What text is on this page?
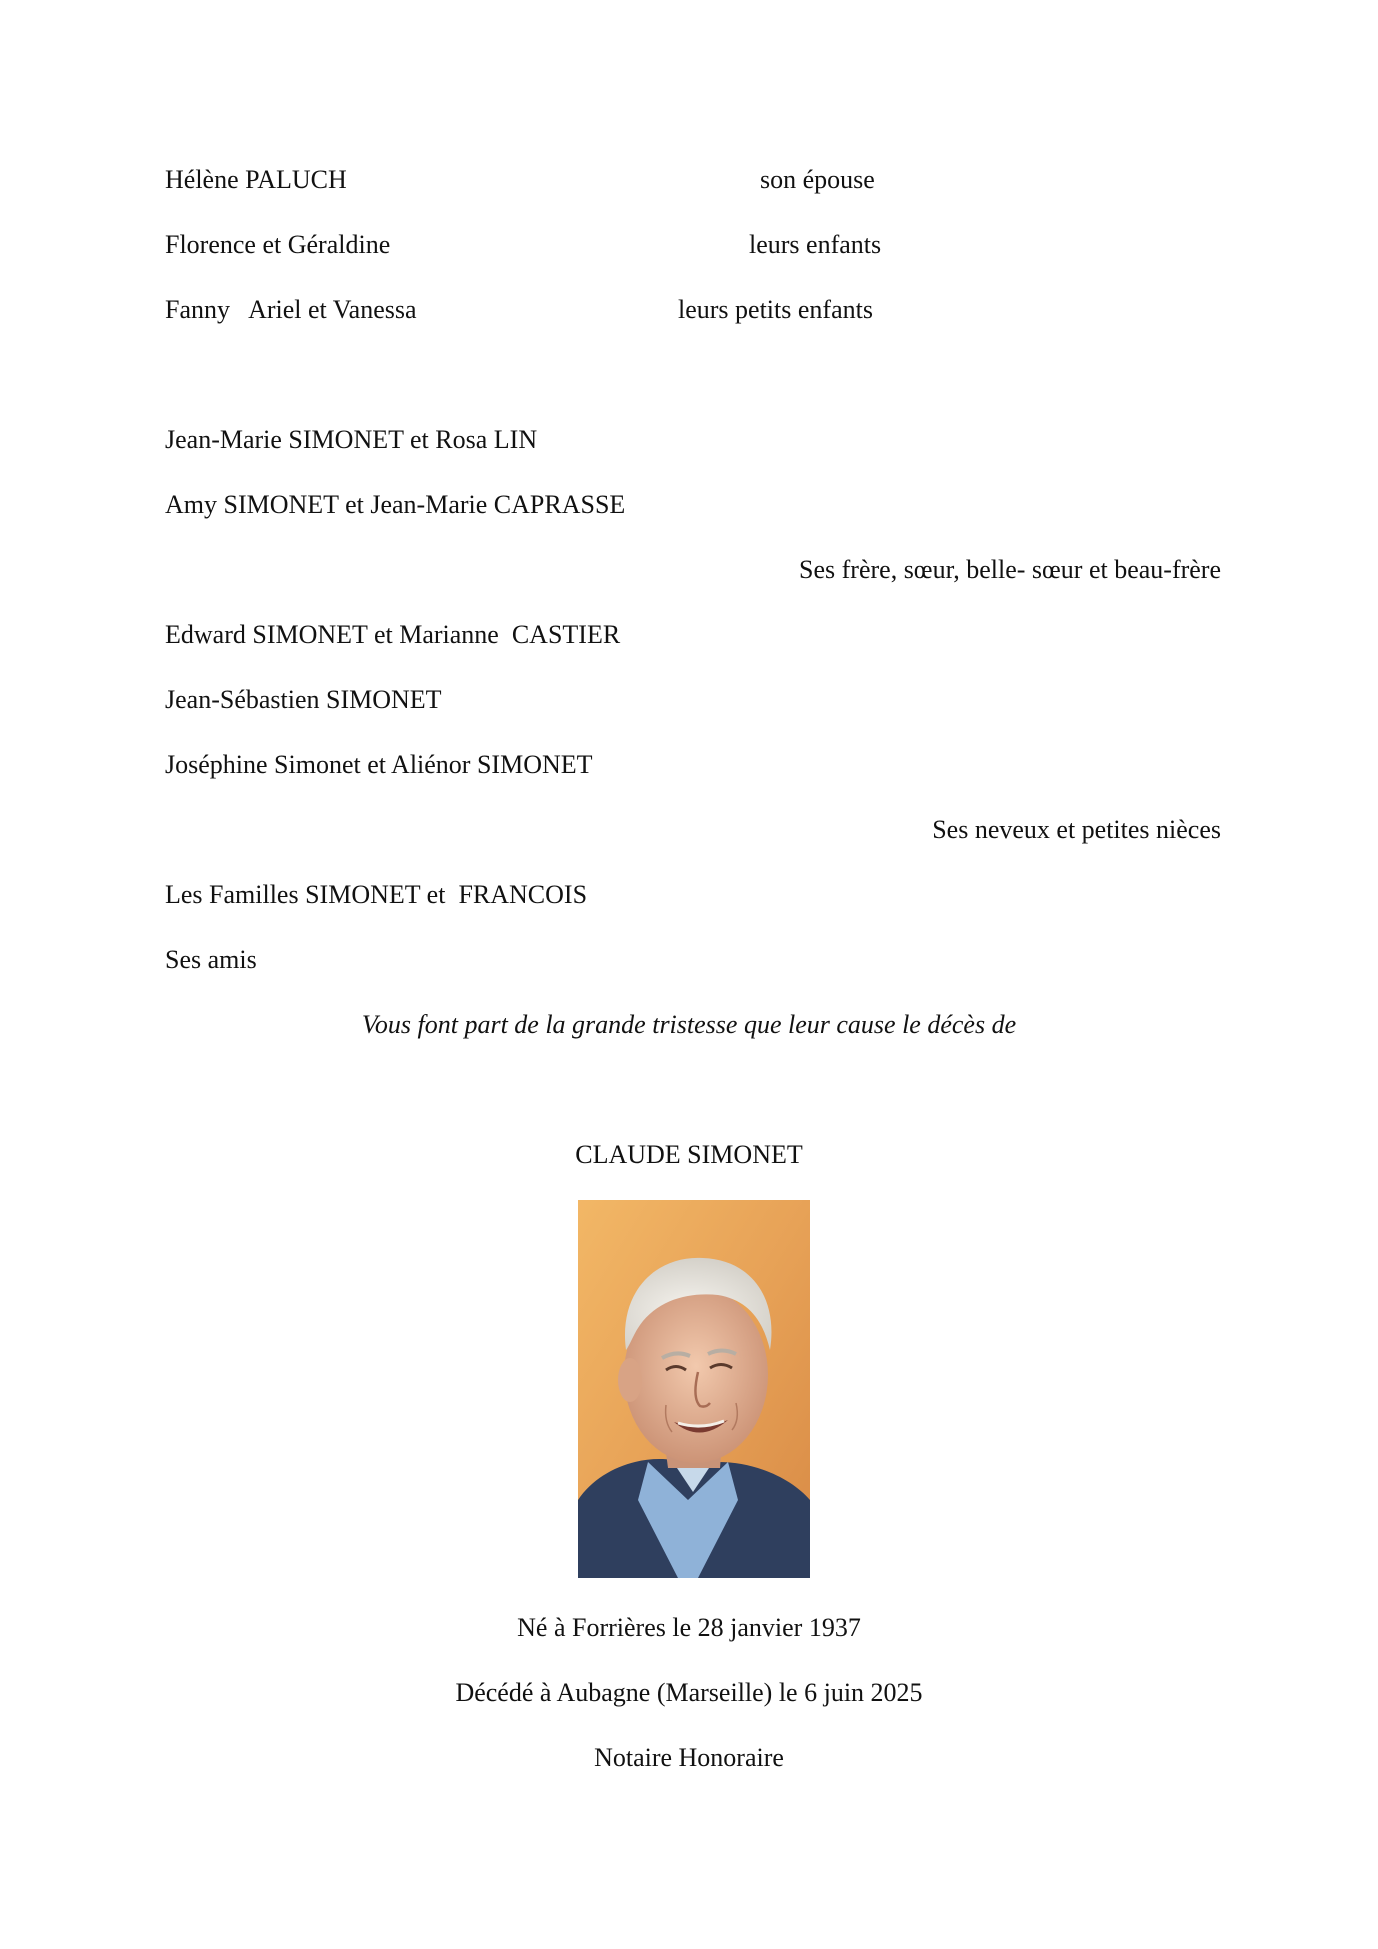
Hélène PALUCH	son épouse
Florence et Géraldine	leurs enfants
Fanny   Ariel et Vanessa	leurs petits enfants
Jean-Marie SIMONET et Rosa LIN
Amy SIMONET et Jean-Marie CAPRASSE
Ses frère, sœur, belle- sœur et beau-frère
Edward SIMONET et Marianne  CASTIER
Jean-Sébastien SIMONET
Joséphine Simonet et Aliénor SIMONET
Ses neveux et petites nièces
Les Familles SIMONET et  FRANCOIS
Ses amis
Vous font part de la grande tristesse que leur cause le décès de
CLAUDE SIMONET
Né à Forrières le 28 janvier 1937
Décédé à Aubagne (Marseille) le 6 juin 2025
Notaire Honoraire
